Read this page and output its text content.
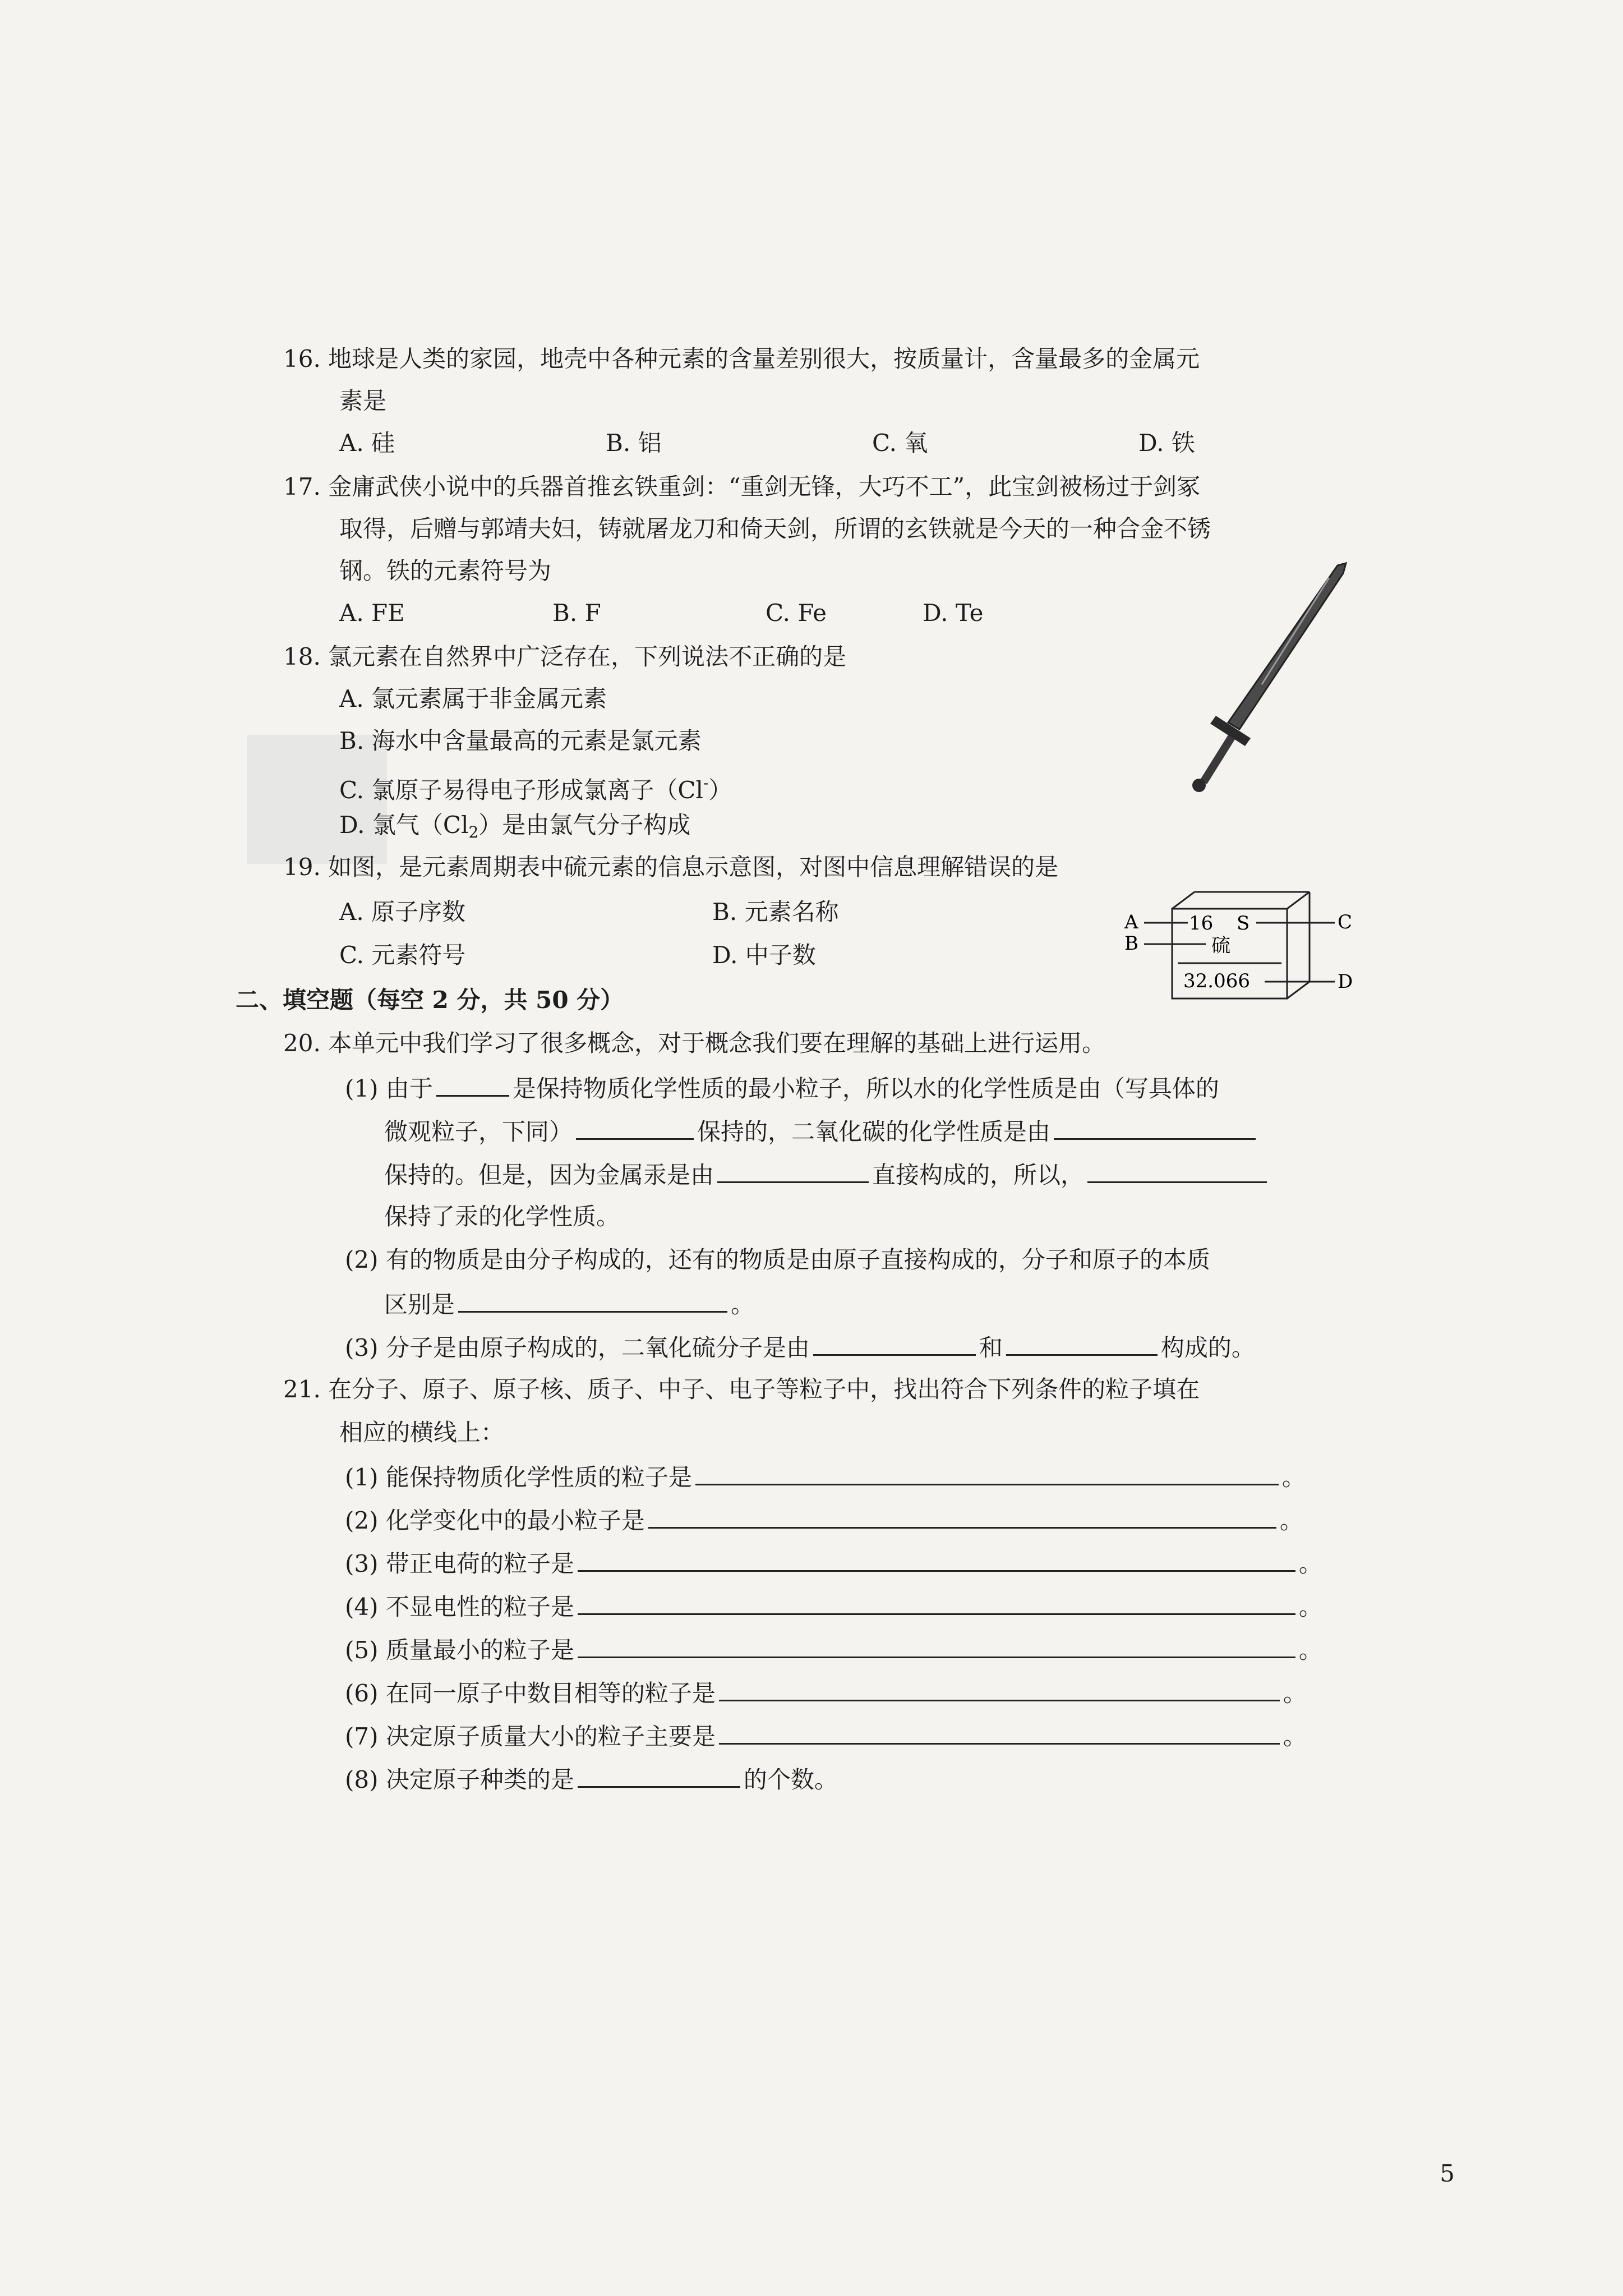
16. 地球是人类的家园，地壳中各种元素的含量差别很大，按质量计，含量最多的金属元
素是
A. 硅	B. 铝	C. 氧	D. 铁
17. 金庸武侠小说中的兵器首推玄铁重剑：“重剑无锋，大巧不工”，此宝剑被杨过于剑冢
取得，后赠与郭靖夫妇，铸就屠龙刀和倚天剑，所谓的玄铁就是今天的一种合金不锈
钢。铁的元素符号为
A. FE	B. F	C. Fe	D. Te
18. 氯元素在自然界中广泛存在，下列说法不正确的是
A. 氯元素属于非金属元素
B. 海水中含量最高的元素是氯元素
C. 氯原子易得电子形成氯离子（Cl-）
D. 氯气$(Cl_2)$是由氯气分子构成
19. 如图，是元素周期表中硫元素的信息示意图，对图中信息理解错误的是
A. 原子序数	B. 元素名称
C. 元素符号	D. 中子数
A
B
16 S
硫
32.066
C
D
二、填空题（每空 2 分，共 50 分）
20. 本单元中我们学习了很多概念，对于概念我们要在理解的基础上进行运用。
(1) 由于	是保持物质化学性质的最小粒子，所以水的化学性质是由（写具体的
微观粒子，下同）	保持的，二氧化碳的化学性质是由
保持的。但是，因为金属汞是由	直接构成的，所以，
保持了汞的化学性质。
(2) 有的物质是由分子构成的，还有的物质是由原子直接构成的，分子和原子的本质
区别是	。
(3) 分子是由原子构成的，二氧化硫分子是由	和	构成的。
21. 在分子、原子、原子核、质子、中子、电子等粒子中，找出符合下列条件的粒子填在
相应的横线上：
(1) 能保持物质化学性质的粒子是	。
(2) 化学变化中的最小粒子是	。
(3) 带正电荷的粒子是	。
(4) 不显电性的粒子是	。
(5) 质量最小的粒子是	。
(6) 在同一原子中数目相等的粒子是	。
(7) 决定原子质量大小的粒子主要是	。
(8) 决定原子种类的是	的个数。
5
